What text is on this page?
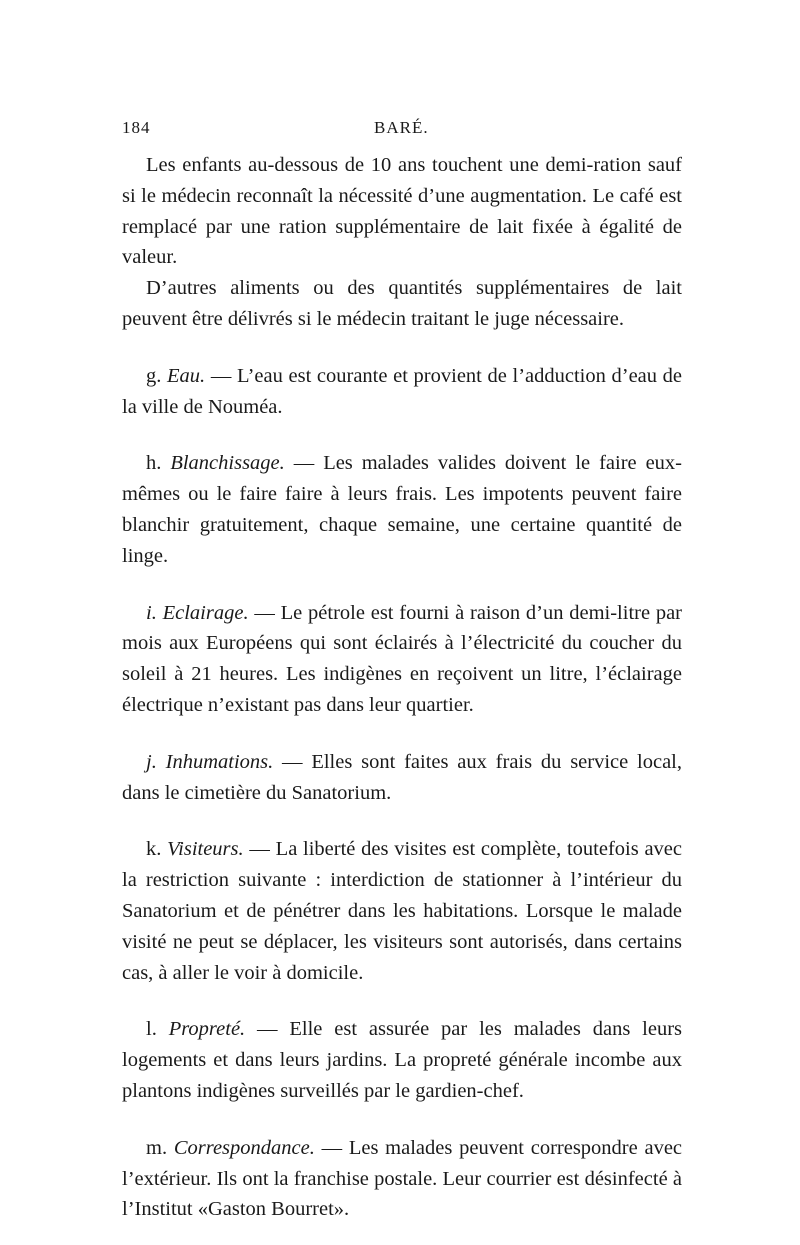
184	BARÉ.

Les enfants au-dessous de 10 ans touchent une demi-ration sauf si le médecin reconnaît la nécessité d’une augmentation. Le café est remplacé par une ration supplémentaire de lait fixée à égalité de valeur.

D’autres aliments ou des quantités supplémentaires de lait peuvent être délivrés si le médecin traitant le juge nécessaire.

g. Eau. — L’eau est courante et provient de l’adduction d’eau de la ville de Nouméa.

h. Blanchissage. — Les malades valides doivent le faire eux-mêmes ou le faire faire à leurs frais. Les impotents peuvent faire blanchir gratuitement, chaque semaine, une certaine quantité de linge.

i. Eclairage. — Le pétrole est fourni à raison d’un demi-litre par mois aux Européens qui sont éclairés à l’électricité du coucher du soleil à 21 heures. Les indigènes en reçoivent un litre, l’éclairage électrique n’existant pas dans leur quartier.

j. Inhumations. — Elles sont faites aux frais du service local, dans le cimetière du Sanatorium.

k. Visiteurs. — La liberté des visites est complète, toutefois avec la restriction suivante : interdiction de stationner à l’intérieur du Sanatorium et de pénétrer dans les habitations. Lorsque le malade visité ne peut se déplacer, les visiteurs sont autorisés, dans certains cas, à aller le voir à domicile.

l. Propreté. — Elle est assurée par les malades dans leurs logements et dans leurs jardins. La propreté générale incombe aux plantons indigènes surveillés par le gardien-chef.

m. Correspondance. — Les malades peuvent correspondre avec l’extérieur. Ils ont la franchise postale. Leur courrier est désinfecté à l’Institut «Gaston Bourret».
